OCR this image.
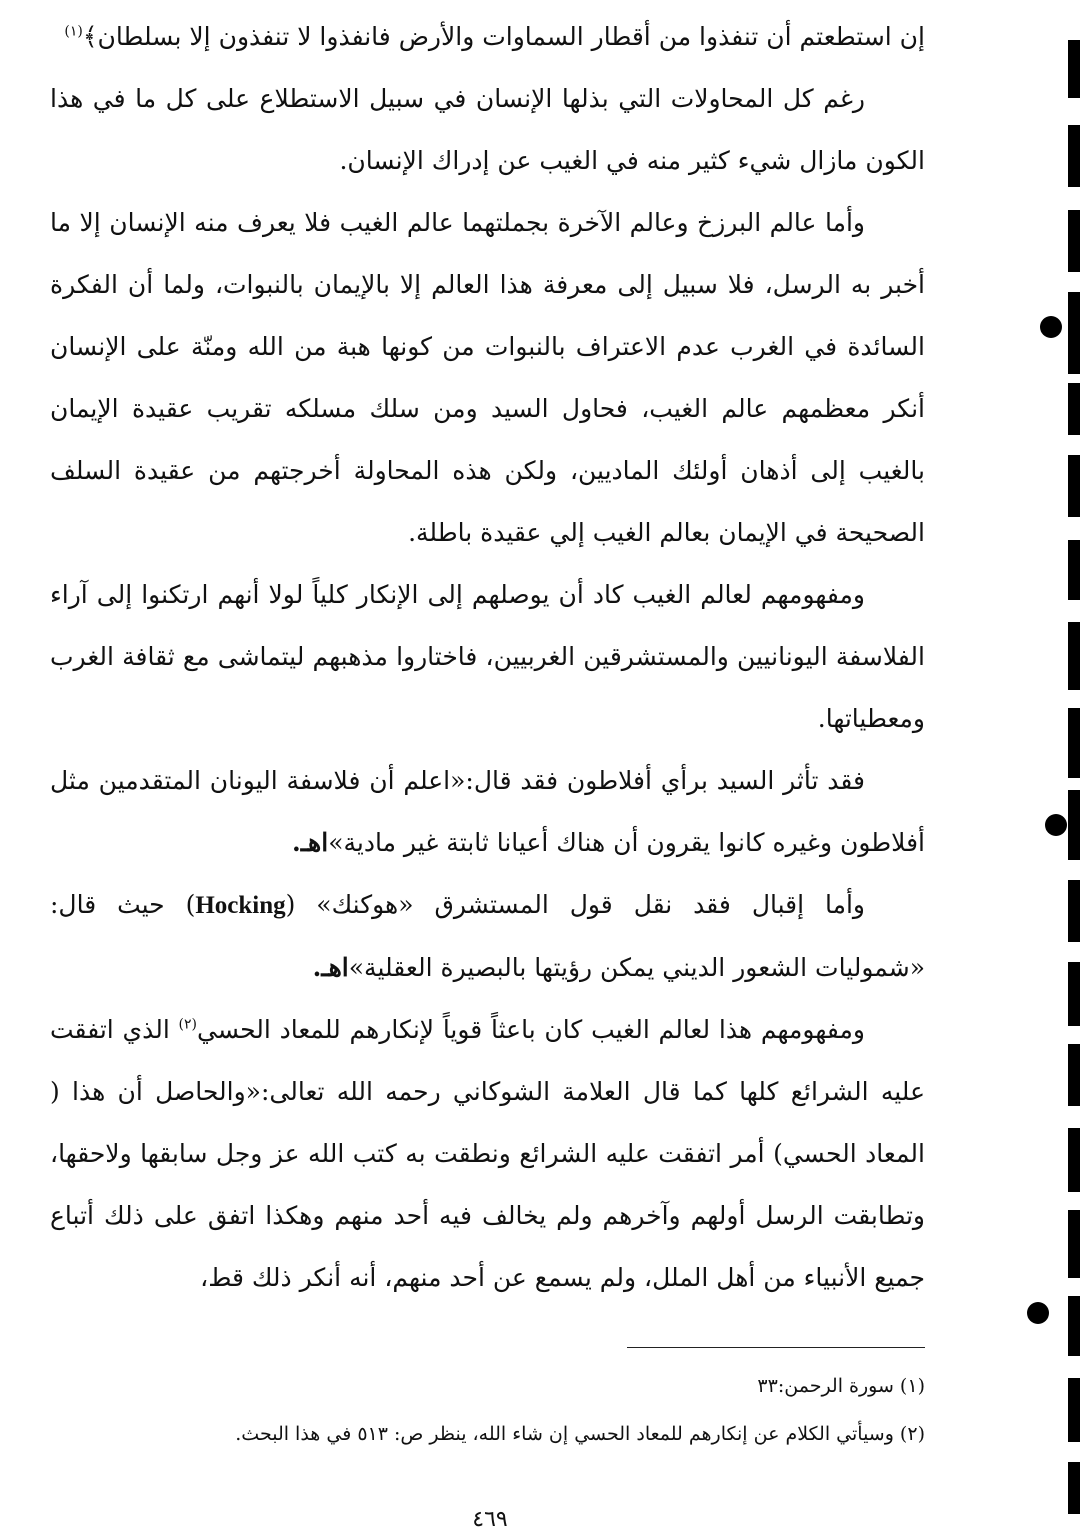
إن استطعتم أن تنفذوا من أقطار السماوات والأرض فانفذوا لا تنفذون إلا بسلطان﴾$^{(١)}$

رغم كل المحاولات التي بذلها الإنسان في سبيل الاستطلاع على كل ما في هذا الكون مازال شيء كثير منه في الغيب عن إدراك الإنسان.

وأما عالم البرزخ وعالم الآخرة بجملتهما عالم الغيب فلا يعرف منه الإنسان إلا ما أخبر به الرسل، فلا سبيل إلى معرفة هذا العالم إلا بالإيمان بالنبوات، ولما أن الفكرة السائدة في الغرب عدم الاعتراف بالنبوات من كونها هبة من الله ومنّة على الإنسان أنكر معظمهم عالم الغيب، فحاول السيد ومن سلك مسلكه تقريب عقيدة الإيمان بالغيب إلى أذهان أولئك الماديين، ولكن هذه المحاولة أخرجتهم من عقيدة السلف الصحيحة في الإيمان بعالم الغيب إلي عقيدة باطلة.

ومفهومهم لعالم الغيب كاد أن يوصلهم إلى الإنكار كلياً لولا أنهم ارتكنوا إلى آراء الفلاسفة اليونانيين والمستشرقين الغربيين، فاختاروا مذهبهم ليتماشى مع ثقافة الغرب ومعطياتها.

فقد تأثر السيد برأي أفلاطون فقد قال:«اعلم أن فلاسفة اليونان المتقدمين مثل أفلاطون وغيره كانوا يقرون أن هناك أعيانا ثابتة غير مادية»اهـ.

وأما إقبال فقد نقل قول المستشرق «هوكنك» (Hocking) حيث قال: «شموليات الشعور الديني يمكن رؤيتها بالبصيرة العقلية»اهـ.

ومفهومهم هذا لعالم الغيب كان باعثاً قوياً لإنكارهم للمعاد الحسي$^{(٢)}$ الذي اتفقت عليه الشرائع كلها كما قال العلامة الشوكاني رحمه الله تعالى:«والحاصل أن هذا ( المعاد الحسي) أمر اتفقت عليه الشرائع ونطقت به كتب الله عز وجل سابقها ولاحقها، وتطابقت الرسل أولهم وآخرهم ولم يخالف فيه أحد منهم وهكذا اتفق على ذلك أتباع جميع الأنبياء من أهل الملل، ولم يسمع عن أحد منهم، أنه أنكر ذلك قط،

(١) سورة الرحمن:٣٣

(٢) وسيأتي الكلام عن إنكارهم للمعاد الحسي إن شاء الله، ينظر ص: ٥١٣ في هذا البحث.

٤٦٩
